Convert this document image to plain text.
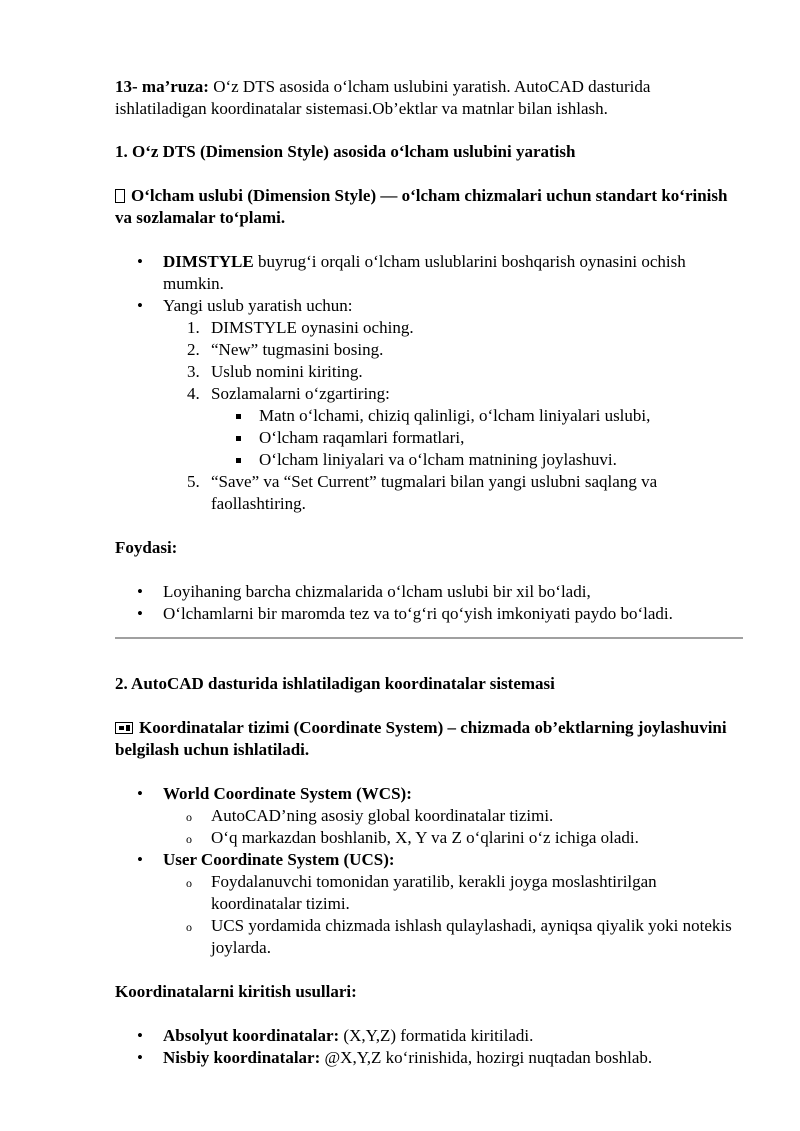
13- ma’ruza: O‘z DTS asosida o‘lcham uslubini yaratish. AutoCAD dasturida ishlatiladigan koordinatalar sistemasi.Ob’ektlar va matnlar bilan ishlash.

1. O‘z DTS (Dimension Style) asosida o‘lcham uslubini yaratish

O‘lcham uslubi (Dimension Style) — o‘lcham chizmalari uchun standart ko‘rinish va sozlamalar to‘plami.

• DIMSTYLE buyrug‘i orqali o‘lcham uslublarini boshqarish oynasini ochish mumkin.
• Yangi uslub yaratish uchun:
1. DIMSTYLE oynasini oching.
2. “New” tugmasini bosing.
3. Uslub nomini kiriting.
4. Sozlamalarni o‘zgartiring:
Matn o‘lchami, chiziq qalinligi, o‘lcham liniyalari uslubi,
O‘lcham raqamlari formatlari,
O‘lcham liniyalari va o‘lcham matnining joylashuvi.
5. “Save” va “Set Current” tugmalari bilan yangi uslubni saqlang va faollashtiring.

Foydasi:

• Loyihaning barcha chizmalarida o‘lcham uslubi bir xil bo‘ladi,
• O‘lchamlarni bir maromda tez va to‘g‘ri qo‘yish imkoniyati paydo bo‘ladi.

2. AutoCAD dasturida ishlatiladigan koordinatalar sistemasi

Koordinatalar tizimi (Coordinate System) – chizmada ob’ektlarning joylashuvini belgilash uchun ishlatiladi.

• World Coordinate System (WCS):
o AutoCAD’ning asosiy global koordinatalar tizimi.
o O‘q markazdan boshlanib, X, Y va Z o‘qlarini o‘z ichiga oladi.
• User Coordinate System (UCS):
o Foydalanuvchi tomonidan yaratilib, kerakli joyga moslashtirilgan koordinatalar tizimi.
o UCS yordamida chizmada ishlash qulaylashadi, ayniqsa qiyalik yoki notekis joylarda.

Koordinatalarni kiritish usullari:

• Absolyut koordinatalar: (X,Y,Z) formatida kiritiladi.
• Nisbiy koordinatalar: @X,Y,Z ko‘rinishida, hozirgi nuqtadan boshlab.
